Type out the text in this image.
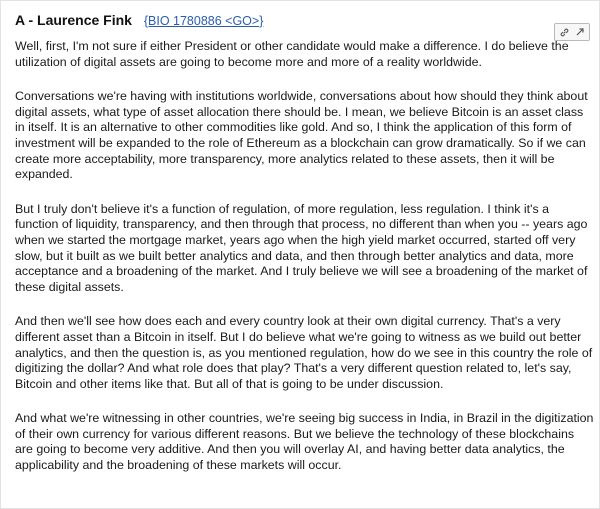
A - Laurence Fink {BIO 1780886 <GO>}

Well, first, I'm not sure if either President or other candidate would make a difference. I do believe the utilization of digital assets are going to become more and more of a reality worldwide.

Conversations we're having with institutions worldwide, conversations about how should they think about digital assets, what type of asset allocation there should be. I mean, we believe Bitcoin is an asset class in itself. It is an alternative to other commodities like gold. And so, I think the application of this form of investment will be expanded to the role of Ethereum as a blockchain can grow dramatically. So if we can create more acceptability, more transparency, more analytics related to these assets, then it will be expanded.

But I truly don't believe it's a function of regulation, of more regulation, less regulation. I think it's a function of liquidity, transparency, and then through that process, no different than when you -- years ago when we started the mortgage market, years ago when the high yield market occurred, started off very slow, but it built as we built better analytics and data, and then through better analytics and data, more acceptance and a broadening of the market. And I truly believe we will see a broadening of the market of these digital assets.

And then we'll see how does each and every country look at their own digital currency. That's a very different asset than a Bitcoin in itself. But I do believe what we're going to witness as we build out better analytics, and then the question is, as you mentioned regulation, how do we see in this country the role of digitizing the dollar? And what role does that play? That's a very different question related to, let's say, Bitcoin and other items like that. But all of that is going to be under discussion.

And what we're witnessing in other countries, we're seeing big success in India, in Brazil in the digitization of their own currency for various different reasons. But we believe the technology of these blockchains are going to become very additive. And then you will overlay AI, and having better data analytics, the applicability and the broadening of these markets will occur.
